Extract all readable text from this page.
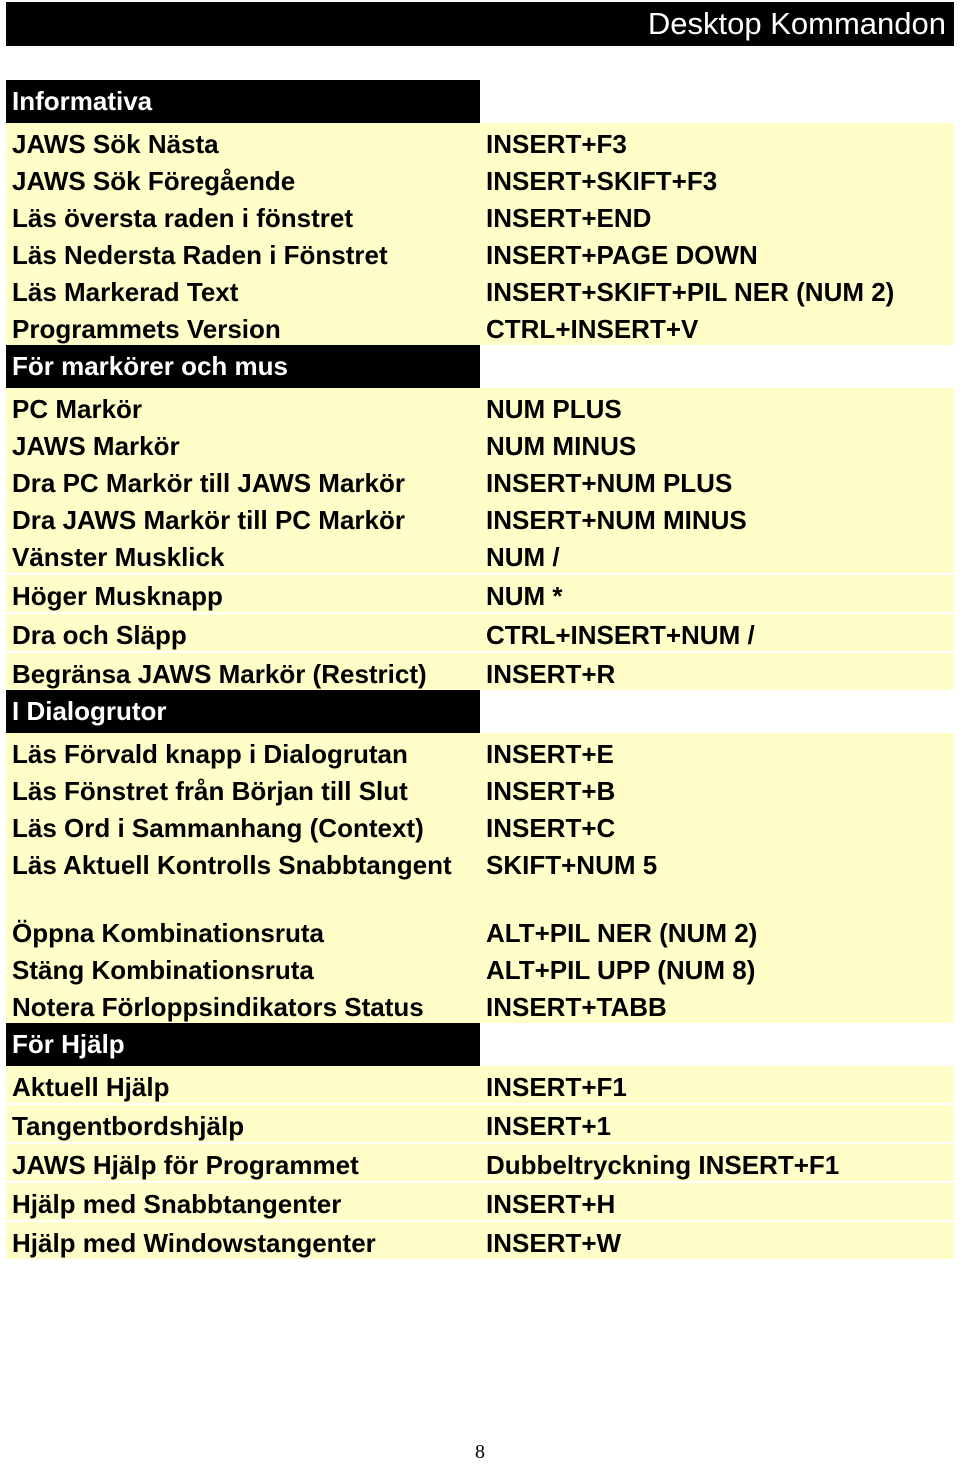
Desktop Kommandon
Informativa	
JAWS Sök Nästa	INSERT+F3
JAWS Sök Föregående	INSERT+SKIFT+F3
Läs översta raden i fönstret	INSERT+END
Läs Nedersta Raden i Fönstret	INSERT+PAGE DOWN
Läs Markerad Text	INSERT+SKIFT+PIL NER (NUM 2)
Programmets Version	CTRL+INSERT+V
För markörer och mus	
PC Markör	NUM PLUS
JAWS Markör	NUM MINUS
Dra PC Markör till JAWS Markör	INSERT+NUM PLUS
Dra JAWS Markör till PC Markör	INSERT+NUM MINUS
Vänster Musklick	NUM /
Höger Musknapp	NUM *
Dra och Släpp	CTRL+INSERT+NUM /
Begränsa JAWS Markör (Restrict)	INSERT+R
I Dialogrutor	
Läs Förvald knapp i Dialogrutan	INSERT+E
Läs Fönstret från Början till Slut	INSERT+B
Läs Ord i Sammanhang (Context)	INSERT+C
Läs Aktuell Kontrolls Snabbtangent	SKIFT+NUM 5
Öppna Kombinationsruta	ALT+PIL NER (NUM 2)
Stäng Kombinationsruta	ALT+PIL UPP (NUM 8)
Notera Förloppsindikators Status	INSERT+TABB
För Hjälp	
Aktuell Hjälp	INSERT+F1
Tangentbordshjälp	INSERT+1
JAWS Hjälp för Programmet	Dubbeltryckning INSERT+F1
Hjälp med Snabbtangenter	INSERT+H
Hjälp med Windowstangenter	INSERT+W
8
